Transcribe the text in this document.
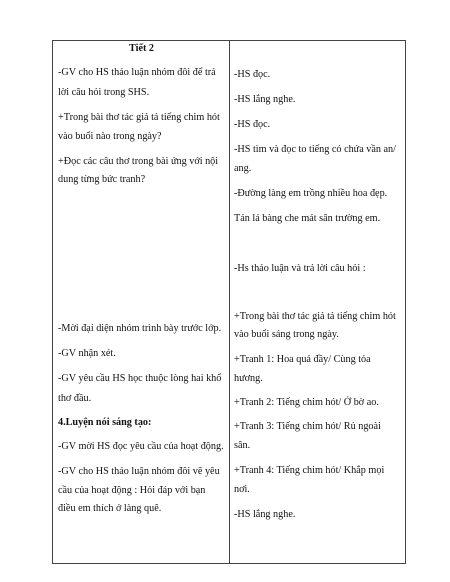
Tiết 2

-GV cho HS thảo luận nhóm đôi để trả

lời câu hỏi trong SHS.

+Trong bài thơ tác giả tả tiếng chim hót

vào buổi nào trong ngày?

+Đọc các câu thơ trong bài ứng với nội

dung từng bức tranh?

-Mời đại diện nhóm trình bày trước lớp.

-GV nhận xét.

-GV yêu cầu HS học thuộc lòng hai khổ

thơ đầu.

4.Luyện nói sáng tạo:

-GV mời HS đọc yêu cầu của hoạt động.

-GV cho HS thảo luận nhóm đôi vẽ yêu

cầu của hoạt động : Hỏi đáp với bạn

điều em thích ở làng quê.

-HS đọc.

-HS lắng nghe.

-HS đọc.

-HS tìm và đọc to tiếng có chứa vần an/

ang.

-Đường làng em trồng nhiều hoa đẹp.

Tán lá bàng che mát sân trường em.

-Hs thảo luận và trả lời câu hỏi :

+Trong bài thơ tác giả tả tiếng chim hót

vào buổi sáng trong ngày.

+Tranh 1: Hoa quả đầy/ Cùng tỏa

hương.

+Tranh 2: Tiếng chim hót/ Ở bờ ao.

+Tranh 3: Tiếng chim hót/ Rủ ngoài

sân.

+Tranh 4: Tiếng chim hót/ Khắp mọi

nơi.

-HS lắng nghe.
